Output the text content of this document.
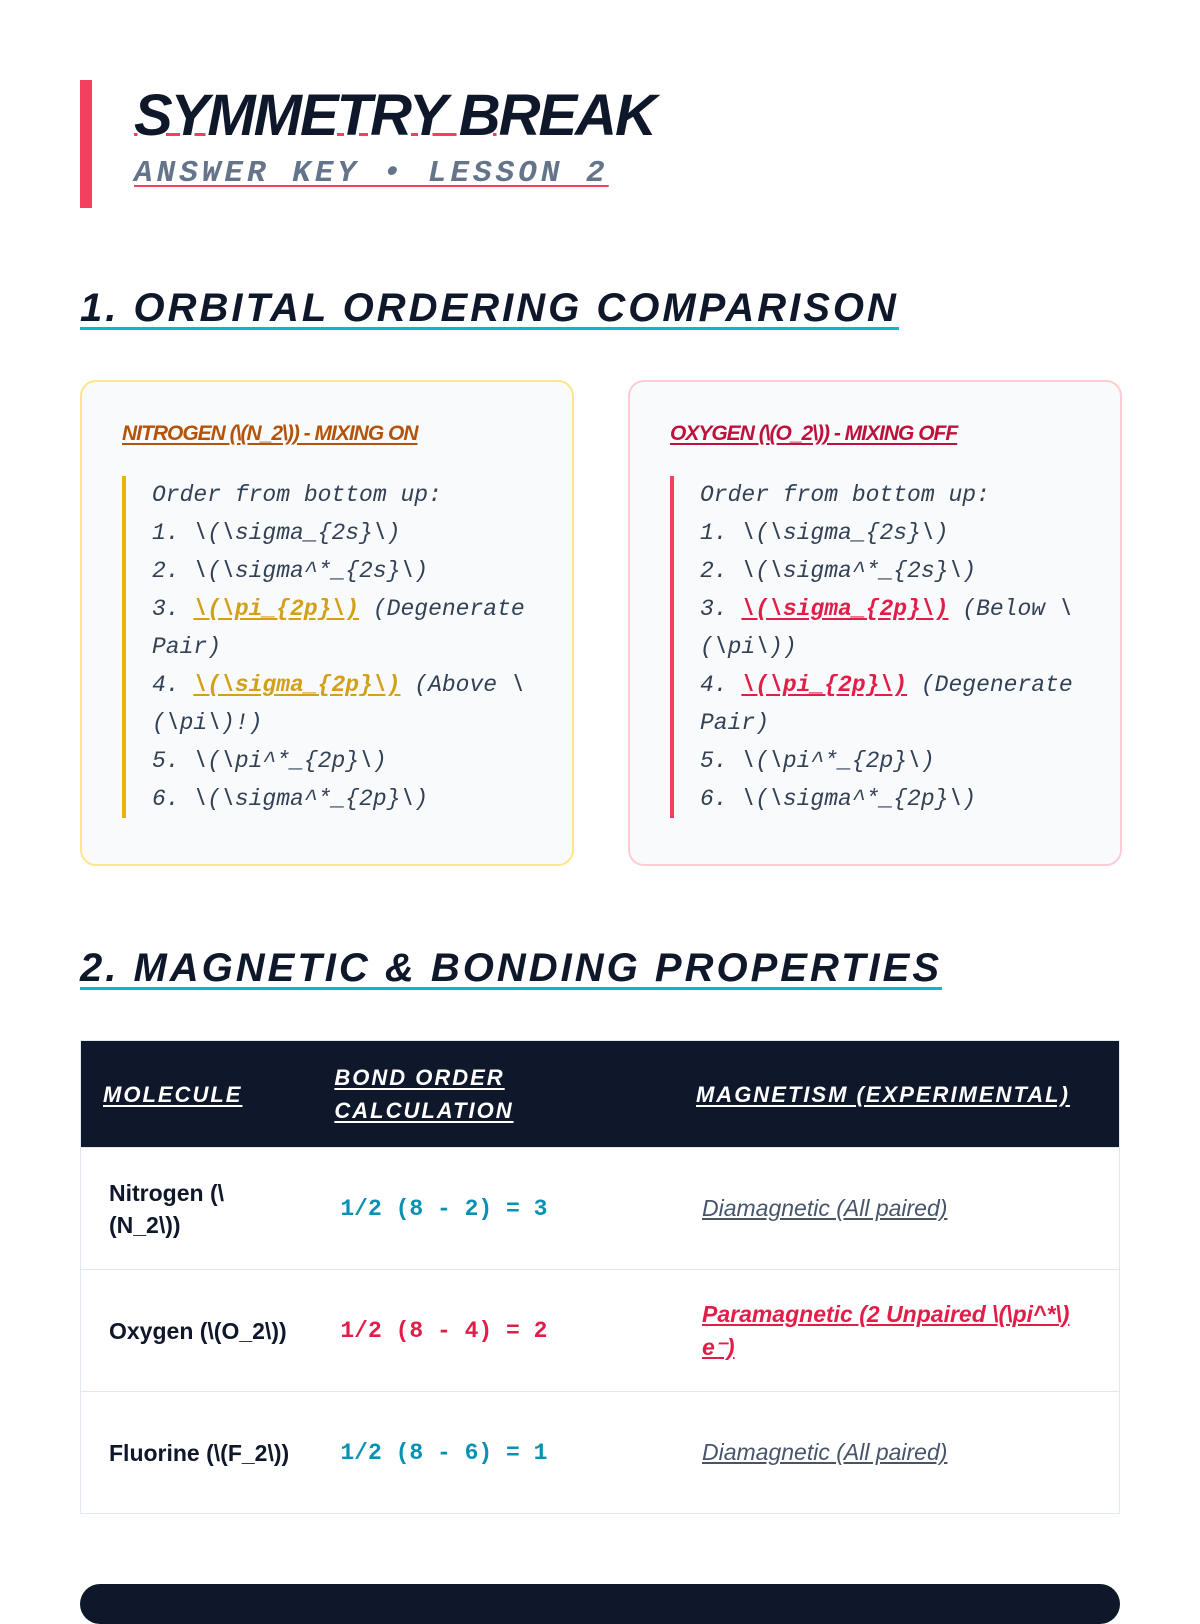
SYMMETRY BREAK
ANSWER KEY • LESSON 2
1. ORBITAL ORDERING COMPARISON
NITROGEN (\(N_2\)) - MIXING ON

Order from bottom up:

1. \(\sigma_{2s}\)

2. \(\sigma^*_{2s}\)

3. \(\pi_{2p}\) (Degenerate Pair)

4. \(\sigma_{2p}\) (Above \(\pi\)!)

5. \(\pi^*_{2p}\)

6. \(\sigma^*_{2p}\)

OXYGEN (\(O_2\)) - MIXING OFF

Order from bottom up:

1. \(\sigma_{2s}\)

2. \(\sigma^*_{2s}\)

3. \(\sigma_{2p}\) (Below \(\pi\))

4. \(\pi_{2p}\) (Degenerate Pair)

5. \(\pi^*_{2p}\)

6. \(\sigma^*_{2p}\)

2. MAGNETIC & BONDING PROPERTIES
MOLECULE	BOND ORDER CALCULATION	MAGNETISM (EXPERIMENTAL)
Nitrogen (\(N_2\))	1/2 (8 - 2) = 3	Diamagnetic (All paired)
Oxygen (\(O_2\))	1/2 (8 - 4) = 2	Paramagnetic (2 Unpaired \(\pi^*\) e⁻)
Fluorine (\(F_2\))	1/2 (8 - 6) = 1	Diamagnetic (All paired)
